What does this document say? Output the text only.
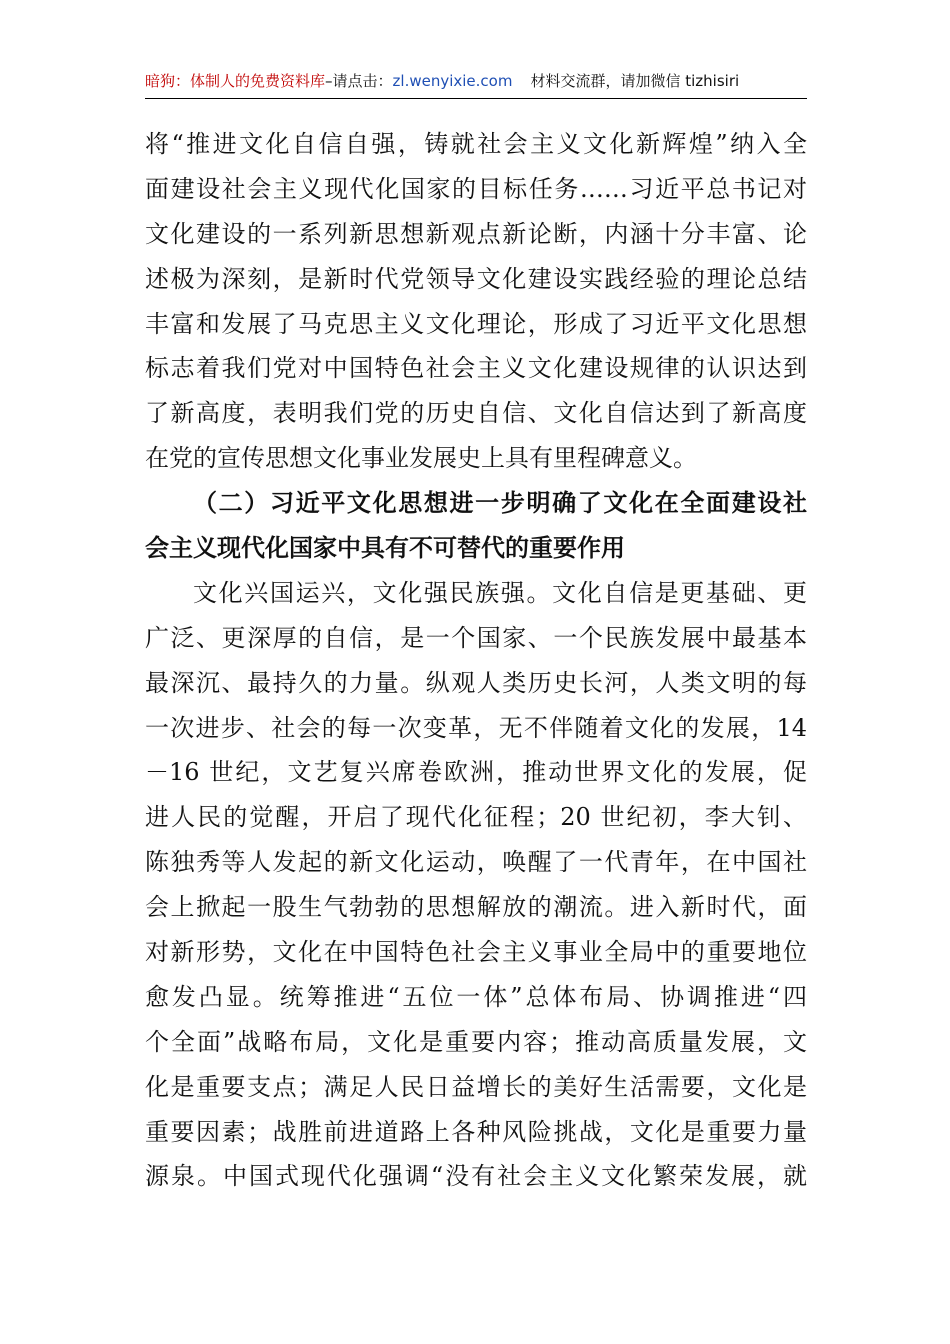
暗狗：体制人的免费资料库–请点击：zl.wenyixie.com 材料交流群，请加微信 tizhisiri
将“推进文化自信自强，铸就社会主义文化新辉煌”纳入全
面建设社会主义现代化国家的目标任务……习近平总书记对
文化建设的一系列新思想新观点新论断，内涵十分丰富、论
述极为深刻，是新时代党领导文化建设实践经验的理论总结
丰富和发展了马克思主义文化理论，形成了习近平文化思想
标志着我们党对中国特色社会主义文化建设规律的认识达到
了新高度，表明我们党的历史自信、文化自信达到了新高度
在党的宣传思想文化事业发展史上具有里程碑意义。
（二）习近平文化思想进一步明确了文化在全面建设社
会主义现代化国家中具有不可替代的重要作用
文化兴国运兴，文化强民族强。文化自信是更基础、更
广泛、更深厚的自信，是一个国家、一个民族发展中最基本
最深沉、最持久的力量。纵观人类历史长河，人类文明的每
一次进步、社会的每一次变革，无不伴随着文化的发展，14
－16 世纪，文艺复兴席卷欧洲，推动世界文化的发展，促
进人民的觉醒，开启了现代化征程；20 世纪初，李大钊、
陈独秀等人发起的新文化运动，唤醒了一代青年，在中国社
会上掀起一股生气勃勃的思想解放的潮流。进入新时代，面
对新形势，文化在中国特色社会主义事业全局中的重要地位
愈发凸显。统筹推进“五位一体”总体布局、协调推进“四
个全面”战略布局，文化是重要内容；推动高质量发展，文
化是重要支点；满足人民日益增长的美好生活需要，文化是
重要因素；战胜前进道路上各种风险挑战，文化是重要力量
源泉。中国式现代化强调“没有社会主义文化繁荣发展，就
